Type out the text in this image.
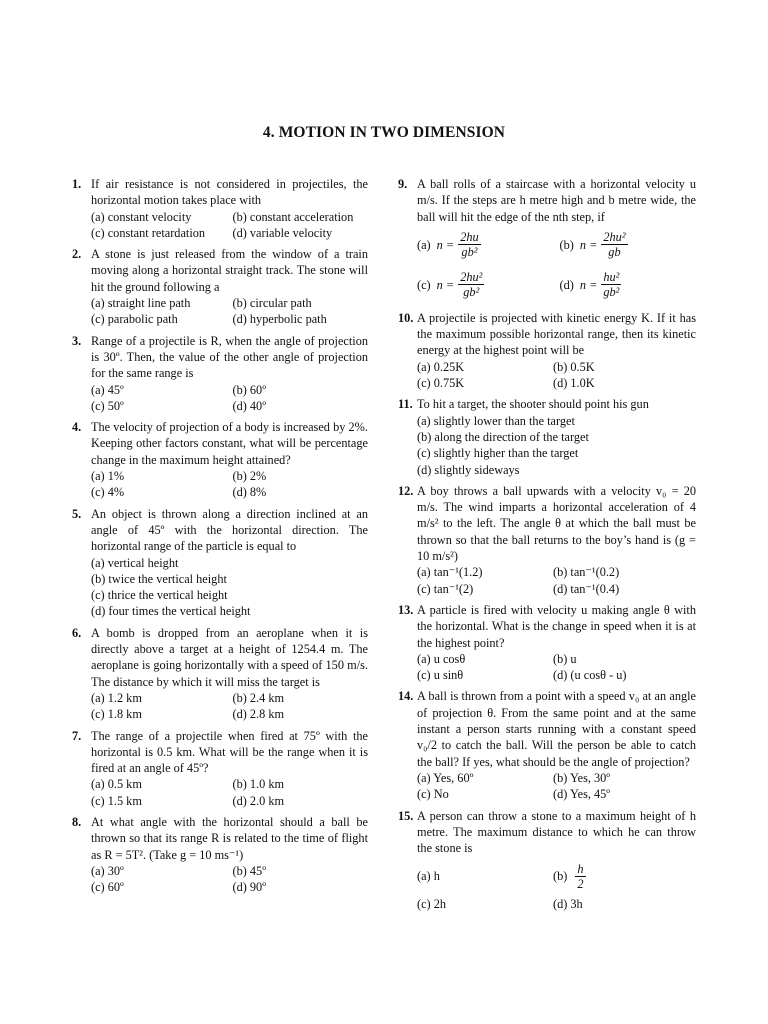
4. MOTION IN TWO DIMENSION
1. If air resistance is not considered in projectiles, the horizontal motion takes place with
(a) constant velocity	(b) constant acceleration
(c) constant retardation	(d) variable velocity
2. A stone is just released from the window of a train moving along a horizontal straight track. The stone will hit the ground following a
(a) straight line path	(b) circular path
(c) parabolic path	(d) hyperbolic path
3. Range of a projectile is R, when the angle of projection is 30º. Then, the value of the other angle of projection for the same range is
(a) 45º	(b) 60º
(c) 50º	(d) 40º
4. The velocity of projection of a body is increased by 2%. Keeping other factors constant, what will be percentage change in the maximum height attained?
(a) 1%	(b) 2%
(c) 4%	(d) 8%
5. An object is thrown along a direction inclined at an angle of 45º with the horizontal direction. The horizontal range of the particle is equal to
(a) vertical height
(b) twice the vertical height
(c) thrice the vertical height
(d) four times the vertical height
6. A bomb is dropped from an aeroplane when it is directly above a target at a height of 1254.4 m. The aeroplane is going horizontally with a speed of 150 m/s. The distance by which it will miss the target is
(a) 1.2 km	(b) 2.4 km
(c) 1.8 km	(d) 2.8 km
7. The range of a projectile when fired at 75º with the horizontal is 0.5 km. What will be the range when it is fired at an angle of 45º?
(a) 0.5 km	(b) 1.0 km
(c) 1.5 km	(d) 2.0 km
8. At what angle with the horizontal should a ball be thrown so that its range R is related to the time of flight as R = 5T². (Take g = 10 ms⁻¹)
(a) 30º	(b) 45º
(c) 60º	(d) 90º
9. A ball rolls of a staircase with a horizontal velocity u m/s. If the steps are h metre high and b metre wide, the ball will hit the edge of the nth step, if
(a) $n = \frac{2hu}{\text{gb²}}$	(b) $n = \frac{\text{2hu²}}{gb}$
(c) $n = \frac{\text{2hu²}}{\text{gb²}}$	(d) $n = \frac{\text{hu²}}{\text{gb²}}$
10. A projectile is projected with kinetic energy K. If it has the maximum possible horizontal range, then its kinetic energy at the highest point will be
(a) 0.25K	(b) 0.5K
(c) 0.75K	(d) 1.0K
11. To hit a target, the shooter should point his gun
(a) slightly lower than the target
(b) along the direction of the target
(c) slightly higher than the target
(d) slightly sideways
12. A boy throws a ball upwards with a velocity v₀ = 20 m/s. The wind imparts a horizontal acceleration of 4 m/s² to the left. The angle θ at which the ball must be thrown so that the ball returns to the boy’s hand is (g = 10 m/s²)
(a) tan⁻¹(1.2)	(b) tan⁻¹(0.2)
(c) tan⁻¹(2)	(d) tan⁻¹(0.4)
13. A particle is fired with velocity u making angle θ with the horizontal. What is the change in speed when it is at the highest point?
(a) u cosθ	(b) u
(c) u sinθ	(d) (u cosθ - u)
14. A ball is thrown from a point with a speed v₀ at an angle of projection θ. From the same point and at the same instant a person starts running with a constant speed v₀/2 to catch the ball. Will the person be able to catch the ball? If yes, what should be the angle of projection?
(a) Yes, 60º	(b) Yes, 30º
(c) No	(d) Yes, 45º
15. A person can throw a stone to a maximum height of h metre. The maximum distance to which he can throw the stone is
(a) h	$(b) \frac{h}{2}$
(c) 2h	(d) 3h
